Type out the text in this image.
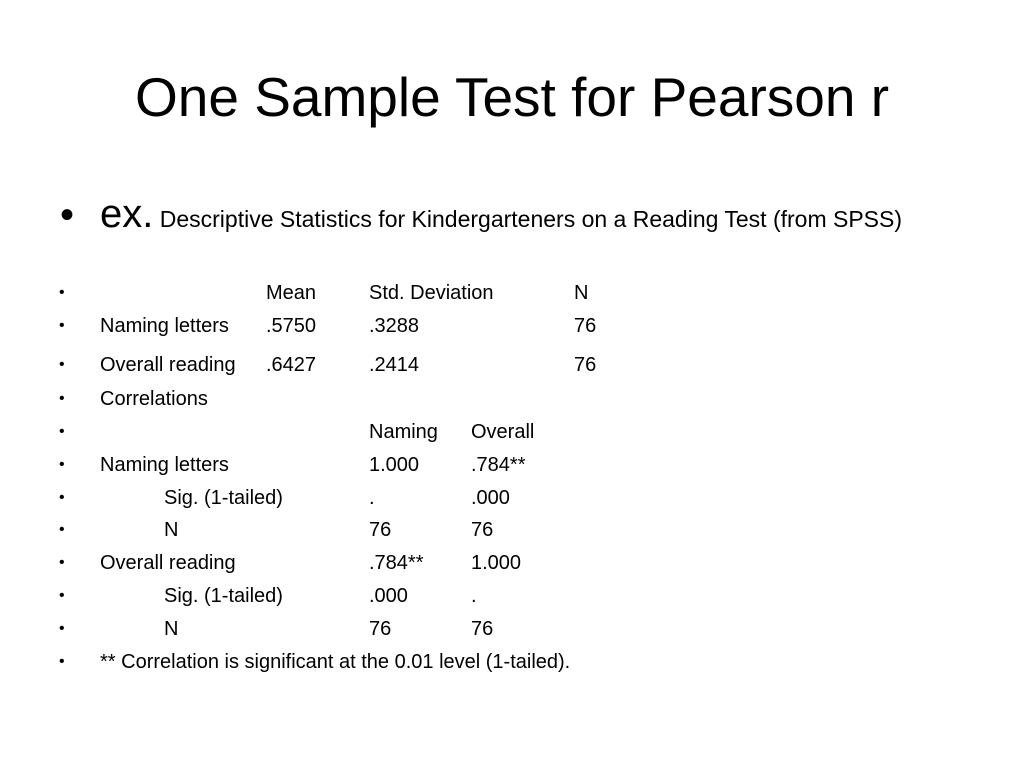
One Sample Test for Pearson r
• ex. Descriptive Statistics for Kindergarteners on a Reading Test (from SPSS)
•	Mean	Std. Deviation	N
• Naming letters .5750	.3288	76
• Overall reading .6427	.2414	76
• Correlations
•	Naming Overall
• Naming letters	1.000	.784**
•	Sig. (1-tailed)	.	.000
•	N	76	76
• Overall reading	.784** 1.000
•	Sig. (1-tailed)	.000	.
•	N	76	76
• ** Correlation is significant at the 0.01 level (1-tailed).
